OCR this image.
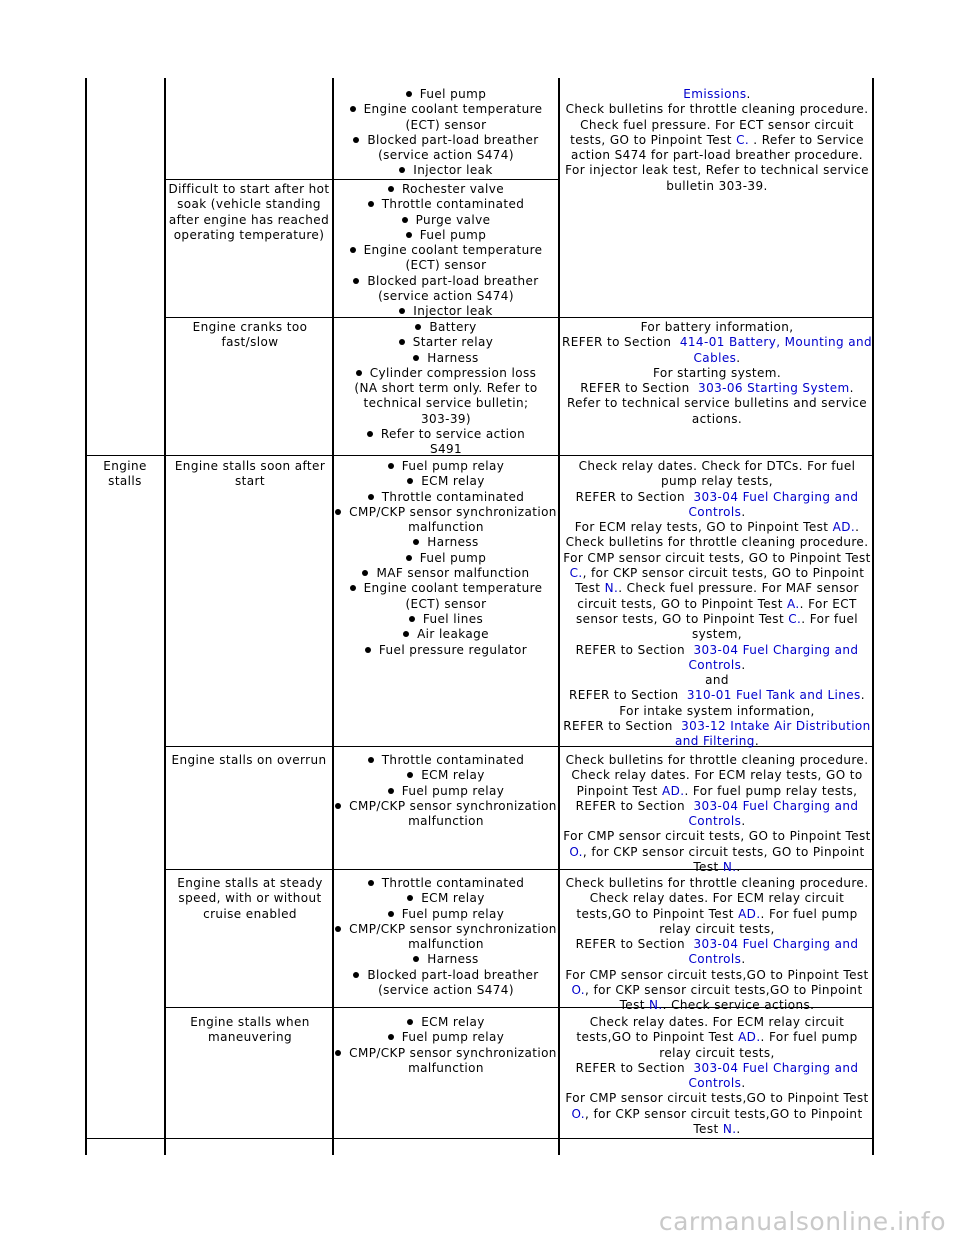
Fuel pump
Engine coolant temperature (ECT) sensor
Blocked part-load breather (service action S474)
Injector leak
Emissions.
Check bulletins for throttle cleaning procedure. Check fuel pressure. For ECT sensor circuit tests, GO to Pinpoint Test C. . Refer to Service action S474 for part-load breather procedure. For injector leak test, Refer to technical service bulletin 303-39.
Difficult to start after hot soak (vehicle standing after engine has reached operating temperature)
Rochester valve
Throttle contaminated
Purge valve
Fuel pump
Engine coolant temperature (ECT) sensor
Blocked part-load breather (service action S474)
Injector leak
Engine cranks too fast/slow
Battery
Starter relay
Harness
Cylinder compression loss (NA short term only. Refer to technical service bulletin; 303-39)
Refer to service action S491
For battery information,
REFER to Section 414-01 Battery, Mounting and Cables.
For starting system.
REFER to Section 303-06 Starting System.
Refer to technical service bulletins and service actions.
Engine stalls
Engine stalls soon after start
Fuel pump relay
ECM relay
Throttle contaminated
CMP/CKP sensor synchronization malfunction
Harness
Fuel pump
MAF sensor malfunction
Engine coolant temperature (ECT) sensor
Fuel lines
Air leakage
Fuel pressure regulator
Check relay dates. Check for DTCs. For fuel pump relay tests,
REFER to Section 303-04 Fuel Charging and Controls.
For ECM relay tests, GO to Pinpoint Test AD.. Check bulletins for throttle cleaning procedure. For CMP sensor circuit tests, GO to Pinpoint Test C., for CKP sensor circuit tests, GO to Pinpoint Test N.. Check fuel pressure. For MAF sensor circuit tests, GO to Pinpoint Test A.. For ECT sensor tests, GO to Pinpoint Test C.. For fuel system,
REFER to Section 303-04 Fuel Charging and Controls.
and
REFER to Section 310-01 Fuel Tank and Lines.
For intake system information,
REFER to Section 303-12 Intake Air Distribution and Filtering.
Engine stalls on overrun	Throttle contaminated
ECM relay
Fuel pump relay
CMP/CKP sensor synchronization malfunction
Check bulletins for throttle cleaning procedure. Check relay dates. For ECM relay tests, GO to Pinpoint Test AD.. For fuel pump relay tests,
REFER to Section 303-04 Fuel Charging and Controls.
For CMP sensor circuit tests, GO to Pinpoint Test O., for CKP sensor circuit tests, GO to Pinpoint Test N..
Engine stalls at steady speed, with or without cruise enabled
Throttle contaminated
ECM relay
Fuel pump relay
CMP/CKP sensor synchronization malfunction
Harness
Blocked part-load breather (service action S474)
Check bulletins for throttle cleaning procedure. Check relay dates. For ECM relay circuit tests,GO to Pinpoint Test AD.. For fuel pump relay circuit tests,
REFER to Section 303-04 Fuel Charging and Controls.
For CMP sensor circuit tests,GO to Pinpoint Test O., for CKP sensor circuit tests,GO to Pinpoint Test N.. Check service actions.
Engine stalls when maneuvering
ECM relay
Fuel pump relay
CMP/CKP sensor synchronization malfunction
Check relay dates. For ECM relay circuit tests,GO to Pinpoint Test AD.. For fuel pump relay circuit tests,
REFER to Section 303-04 Fuel Charging and Controls.
For CMP sensor circuit tests,GO to Pinpoint Test O., for CKP sensor circuit tests,GO to Pinpoint Test N..
carmanualsonline.info
